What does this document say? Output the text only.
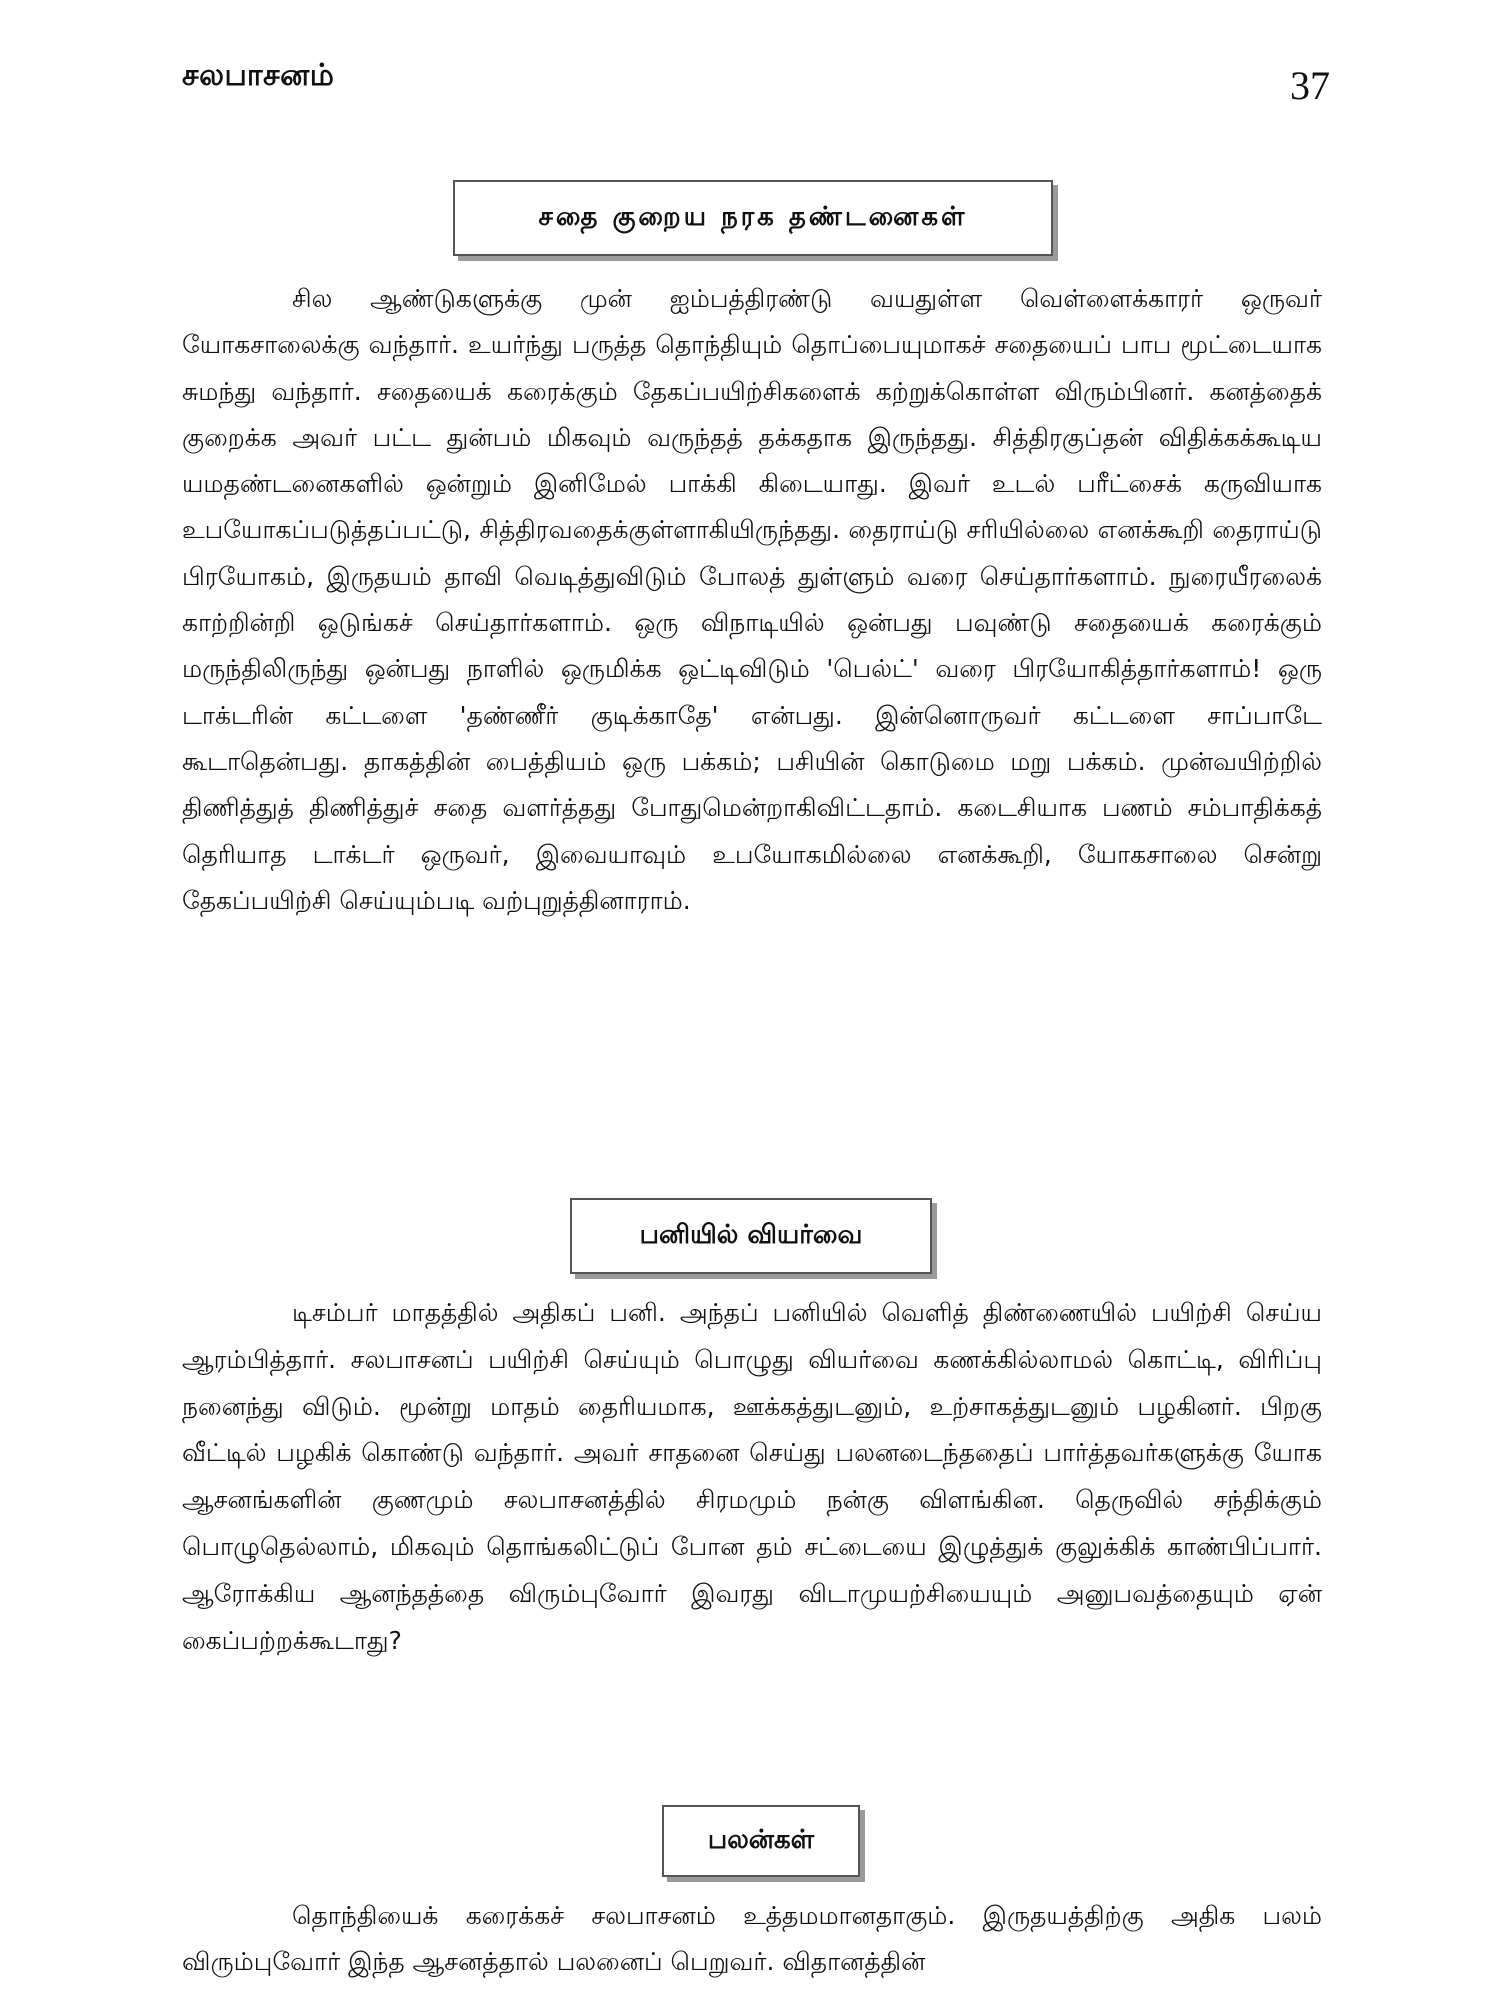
சலபாசனம்	37
சதை குறைய நரக தண்டனைகள்

சில ஆண்டுகளுக்கு முன் ஐம்பத்திரண்டு வயதுள்ள வெள்ளைக்காரர் ஒருவர் யோகசாலைக்கு வந்தார். உயர்ந்து பருத்த தொந்தியும் தொப்பையுமாகச் சதையைப் பாப மூட்டையாக சுமந்து வந்தார். சதையைக் கரைக்கும் தேகப்பயிற்சிகளைக் கற்றுக்கொள்ள விரும்பினர். கனத்தைக் குறைக்க அவர் பட்ட துன்பம் மிகவும் வருந்தத் தக்கதாக இருந்தது. சித்திரகுப்தன் விதிக்கக்கூடிய யமதண்டனைகளில் ஒன்றும் இனிமேல் பாக்கி கிடையாது. இவர் உடல் பரீட்சைக் கருவியாக உபயோகப்படுத்தப்பட்டு, சித்திரவதைக்குள்ளாகியிருந்தது. தைராய்டு சரியில்லை எனக்கூறி தைராய்டு பிரயோகம், இருதயம் தாவி வெடித்துவிடும் போலத் துள்ளும் வரை செய்தார்களாம். நுரையீரலைக் காற்றின்றி ஒடுங்கச் செய்தார்களாம். ஒரு விநாடியில் ஒன்பது பவுண்டு சதையைக் கரைக்கும் மருந்திலிருந்து ஒன்பது நாளில் ஒருமிக்க ஒட்டிவிடும் 'பெல்ட்' வரை பிரயோகித்தார்களாம்! ஒரு டாக்டரின் கட்டளை 'தண்ணீர் குடிக்காதே' என்பது. இன்னொருவர் கட்டளை சாப்பாடே கூடாதென்பது. தாகத்தின் பைத்தியம் ஒரு பக்கம்; பசியின் கொடுமை மறு பக்கம். முன்வயிற்றில் திணித்துத் திணித்துச் சதை வளர்த்தது போதுமென்றாகிவிட்டதாம். கடைசியாக பணம் சம்பாதிக்கத் தெரியாத டாக்டர் ஒருவர், இவையாவும் உபயோகமில்லை எனக்கூறி, யோகசாலை சென்று தேகப்பயிற்சி செய்யும்படி வற்புறுத்தினாராம்.

பனியில் வியர்வை

டிசம்பர் மாதத்தில் அதிகப் பனி. அந்தப் பனியில் வெளித் திண்ணையில் பயிற்சி செய்ய ஆரம்பித்தார். சலபாசனப் பயிற்சி செய்யும் பொழுது வியர்வை கணக்கில்லாமல் கொட்டி, விரிப்பு நனைந்து விடும். மூன்று மாதம் தைரியமாக, ஊக்கத்துடனும், உற்சாகத்துடனும் பழகினர். பிறகு வீட்டில் பழகிக் கொண்டு வந்தார். அவர் சாதனை செய்து பலனடைந்ததைப் பார்த்தவர்களுக்கு யோக ஆசனங்களின் குணமும் சலபாசனத்தில் சிரமமும் நன்கு விளங்கின. தெருவில் சந்திக்கும் பொழுதெல்லாம், மிகவும் தொங்கலிட்டுப் போன தம் சட்டையை இழுத்துக் குலுக்கிக் காண்பிப்பார். ஆரோக்கிய ஆனந்தத்தை விரும்புவோர் இவரது விடாமுயற்சியையும் அனுபவத்தையும் ஏன் கைப்பற்றக்கூடாது?

பலன்கள்

தொந்தியைக் கரைக்கச் சலபாசனம் உத்தமமானதாகும். இருதயத்திற்கு அதிக பலம் விரும்புவோர் இந்த ஆசனத்தால் பலனைப் பெறுவர். விதானத்தின்
